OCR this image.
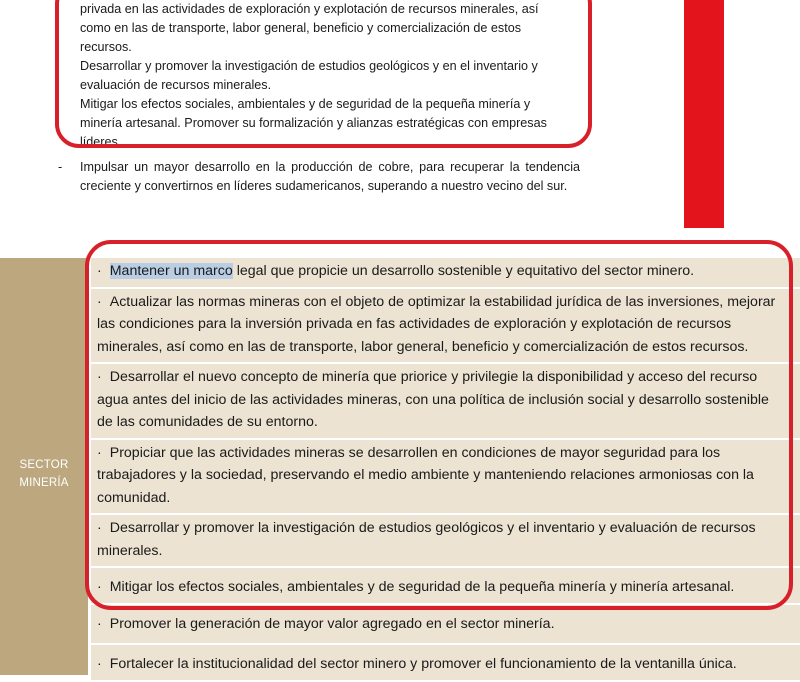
privada en las actividades de exploración y explotación de recursos minerales, así

como en las de transporte, labor general, beneficio y comercialización de estos

recursos.

Desarrollar y promover la investigación de estudios geológicos y en el inventario y

evaluación de recursos minerales.

Mitigar los efectos sociales, ambientales y de seguridad de la pequeña minería y

minería artesanal. Promover su formalización y alianzas estratégicas con empresas

líderes.

- Impulsar un mayor desarrollo en la producción de cobre, para recuperar la tendencia creciente y convertirnos en líderes sudamericanos, superando a nuestro vecino del sur.
SECTOR
MINERÍA
· Mantener un marco legal que propicie un desarrollo sostenible y equitativo del sector minero.
· Actualizar las normas mineras con el objeto de optimizar la estabilidad jurídica de las inversiones, mejorar las condiciones para la inversión privada en fas actividades de exploración y explotación de recursos minerales, así como en las de transporte, labor general, beneficio y comercialización de estos recursos.
· Desarrollar el nuevo concepto de minería que priorice y privilegie la disponibilidad y acceso del recurso agua antes del inicio de las actividades mineras, con una política de inclusión social y desarrollo sostenible de las comunidades de su entorno.
· Propiciar que las actividades mineras se desarrollen en condiciones de mayor seguridad para los trabajadores y la sociedad, preservando el medio ambiente y manteniendo relaciones armoniosas con la comunidad.
· Desarrollar y promover la investigación de estudios geológicos y el inventario y evaluación de recursos minerales.
· Mitigar los efectos sociales, ambientales y de seguridad de la pequeña minería y minería artesanal.
· Promover la generación de mayor valor agregado en el sector minería.
· Fortalecer la institucionalidad del sector minero y promover el funcionamiento de la ventanilla única.
